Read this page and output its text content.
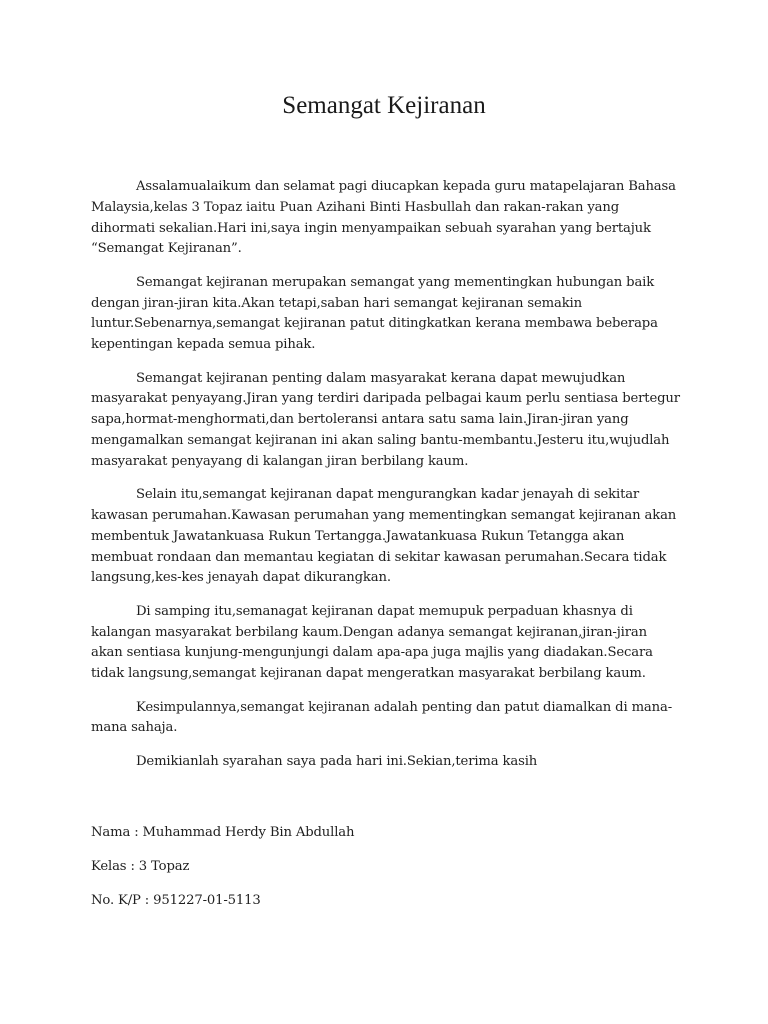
Semangat Kejiranan

Assalamualaikum dan selamat pagi diucapkan kepada guru matapelajaran Bahasa Malaysia,kelas 3 Topaz iaitu Puan Azihani Binti Hasbullah dan rakan-rakan yang dihormati sekalian.Hari ini,saya ingin menyampaikan sebuah syarahan yang bertajuk “Semangat Kejiranan”.

Semangat kejiranan merupakan semangat yang mementingkan hubungan baik dengan jiran-jiran kita.Akan tetapi,saban hari semangat kejiranan semakin luntur.Sebenarnya,semangat kejiranan patut ditingkatkan kerana membawa beberapa kepentingan kepada semua pihak.

Semangat kejiranan penting dalam masyarakat kerana dapat mewujudkan masyarakat penyayang.Jiran yang terdiri daripada pelbagai kaum perlu sentiasa bertegur sapa,hormat-menghormati,dan bertoleransi antara satu sama lain.Jiran-jiran yang mengamalkan semangat kejiranan ini akan saling bantu-membantu.Jesteru itu,wujudlah masyarakat penyayang di kalangan jiran berbilang kaum.

Selain itu,semangat kejiranan dapat mengurangkan kadar jenayah di sekitar kawasan perumahan.Kawasan perumahan yang mementingkan semangat kejiranan akan membentuk Jawatankuasa Rukun Tertangga.Jawatankuasa Rukun Tetangga akan membuat rondaan dan memantau kegiatan di sekitar kawasan perumahan.Secara tidak langsung,kes-kes jenayah dapat dikurangkan.

Di samping itu,semanagat kejiranan dapat memupuk perpaduan khasnya di kalangan masyarakat berbilang kaum.Dengan adanya semangat kejiranan,jiran-jiran akan sentiasa kunjung-mengunjungi dalam apa-apa juga majlis yang diadakan.Secara tidak langsung,semangat kejiranan dapat mengeratkan masyarakat berbilang kaum.

Kesimpulannya,semangat kejiranan adalah penting dan patut diamalkan di mana-mana sahaja.

Demikianlah syarahan saya pada hari ini.Sekian,terima kasih

Nama : Muhammad Herdy Bin Abdullah

Kelas : 3 Topaz

No. K/P : 951227-01-5113
